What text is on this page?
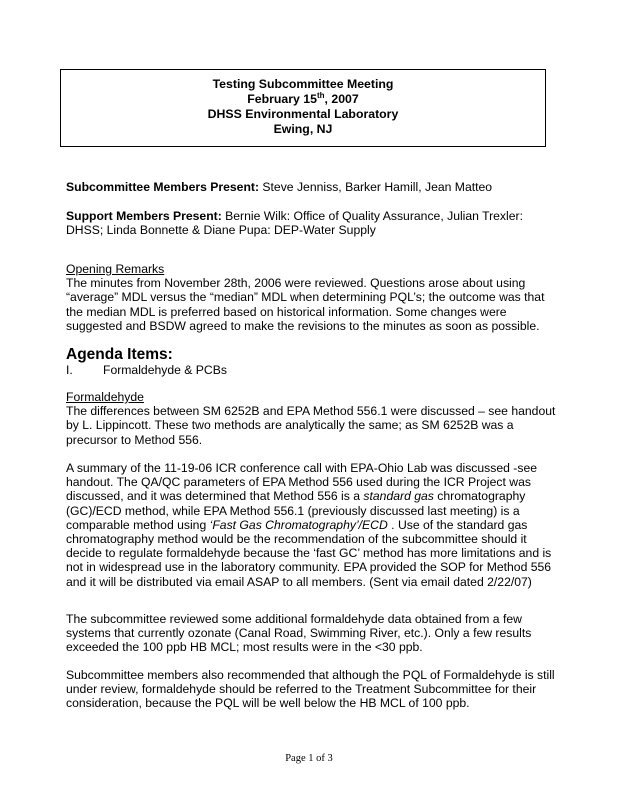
Testing Subcommittee Meeting
February 15th, 2007
DHSS Environmental Laboratory
Ewing, NJ
Subcommittee Members Present: Steve Jenniss, Barker Hamill, Jean Matteo
Support Members Present: Bernie Wilk: Office of Quality Assurance, Julian Trexler: DHSS; Linda Bonnette & Diane Pupa: DEP-Water Supply
Opening Remarks
The minutes from November 28th, 2006 were reviewed. Questions arose about using “average” MDL versus the “median” MDL when determining PQL’s; the outcome was that the median MDL is preferred based on historical information. Some changes were suggested and BSDW agreed to make the revisions to the minutes as soon as possible.
Agenda Items:
I.	Formaldehyde & PCBs
Formaldehyde
The differences between SM 6252B and EPA Method 556.1 were discussed – see handout by L. Lippincott. These two methods are analytically the same; as SM 6252B was a precursor to Method 556.
A summary of the 11-19-06 ICR conference call with EPA-Ohio Lab was discussed -see handout. The QA/QC parameters of EPA Method 556 used during the ICR Project was discussed, and it was determined that Method 556 is a standard gas chromatography (GC)/ECD method, while EPA Method 556.1 (previously discussed last meeting) is a comparable method using ‘Fast Gas Chromatography’/ECD . Use of the standard gas chromatography method would be the recommendation of the subcommittee should it decide to regulate formaldehyde because the ‘fast GC’ method has more limitations and is not in widespread use in the laboratory community. EPA provided the SOP for Method 556 and it will be distributed via email ASAP to all members. (Sent via email dated 2/22/07)
The subcommittee reviewed some additional formaldehyde data obtained from a few systems that currently ozonate (Canal Road, Swimming River, etc.). Only a few results exceeded the 100 ppb HB MCL; most results were in the <30 ppb.
Subcommittee members also recommended that although the PQL of Formaldehyde is still under review, formaldehyde should be referred to the Treatment Subcommittee for their consideration, because the PQL will be well below the HB MCL of 100 ppb.
Page 1 of 3
